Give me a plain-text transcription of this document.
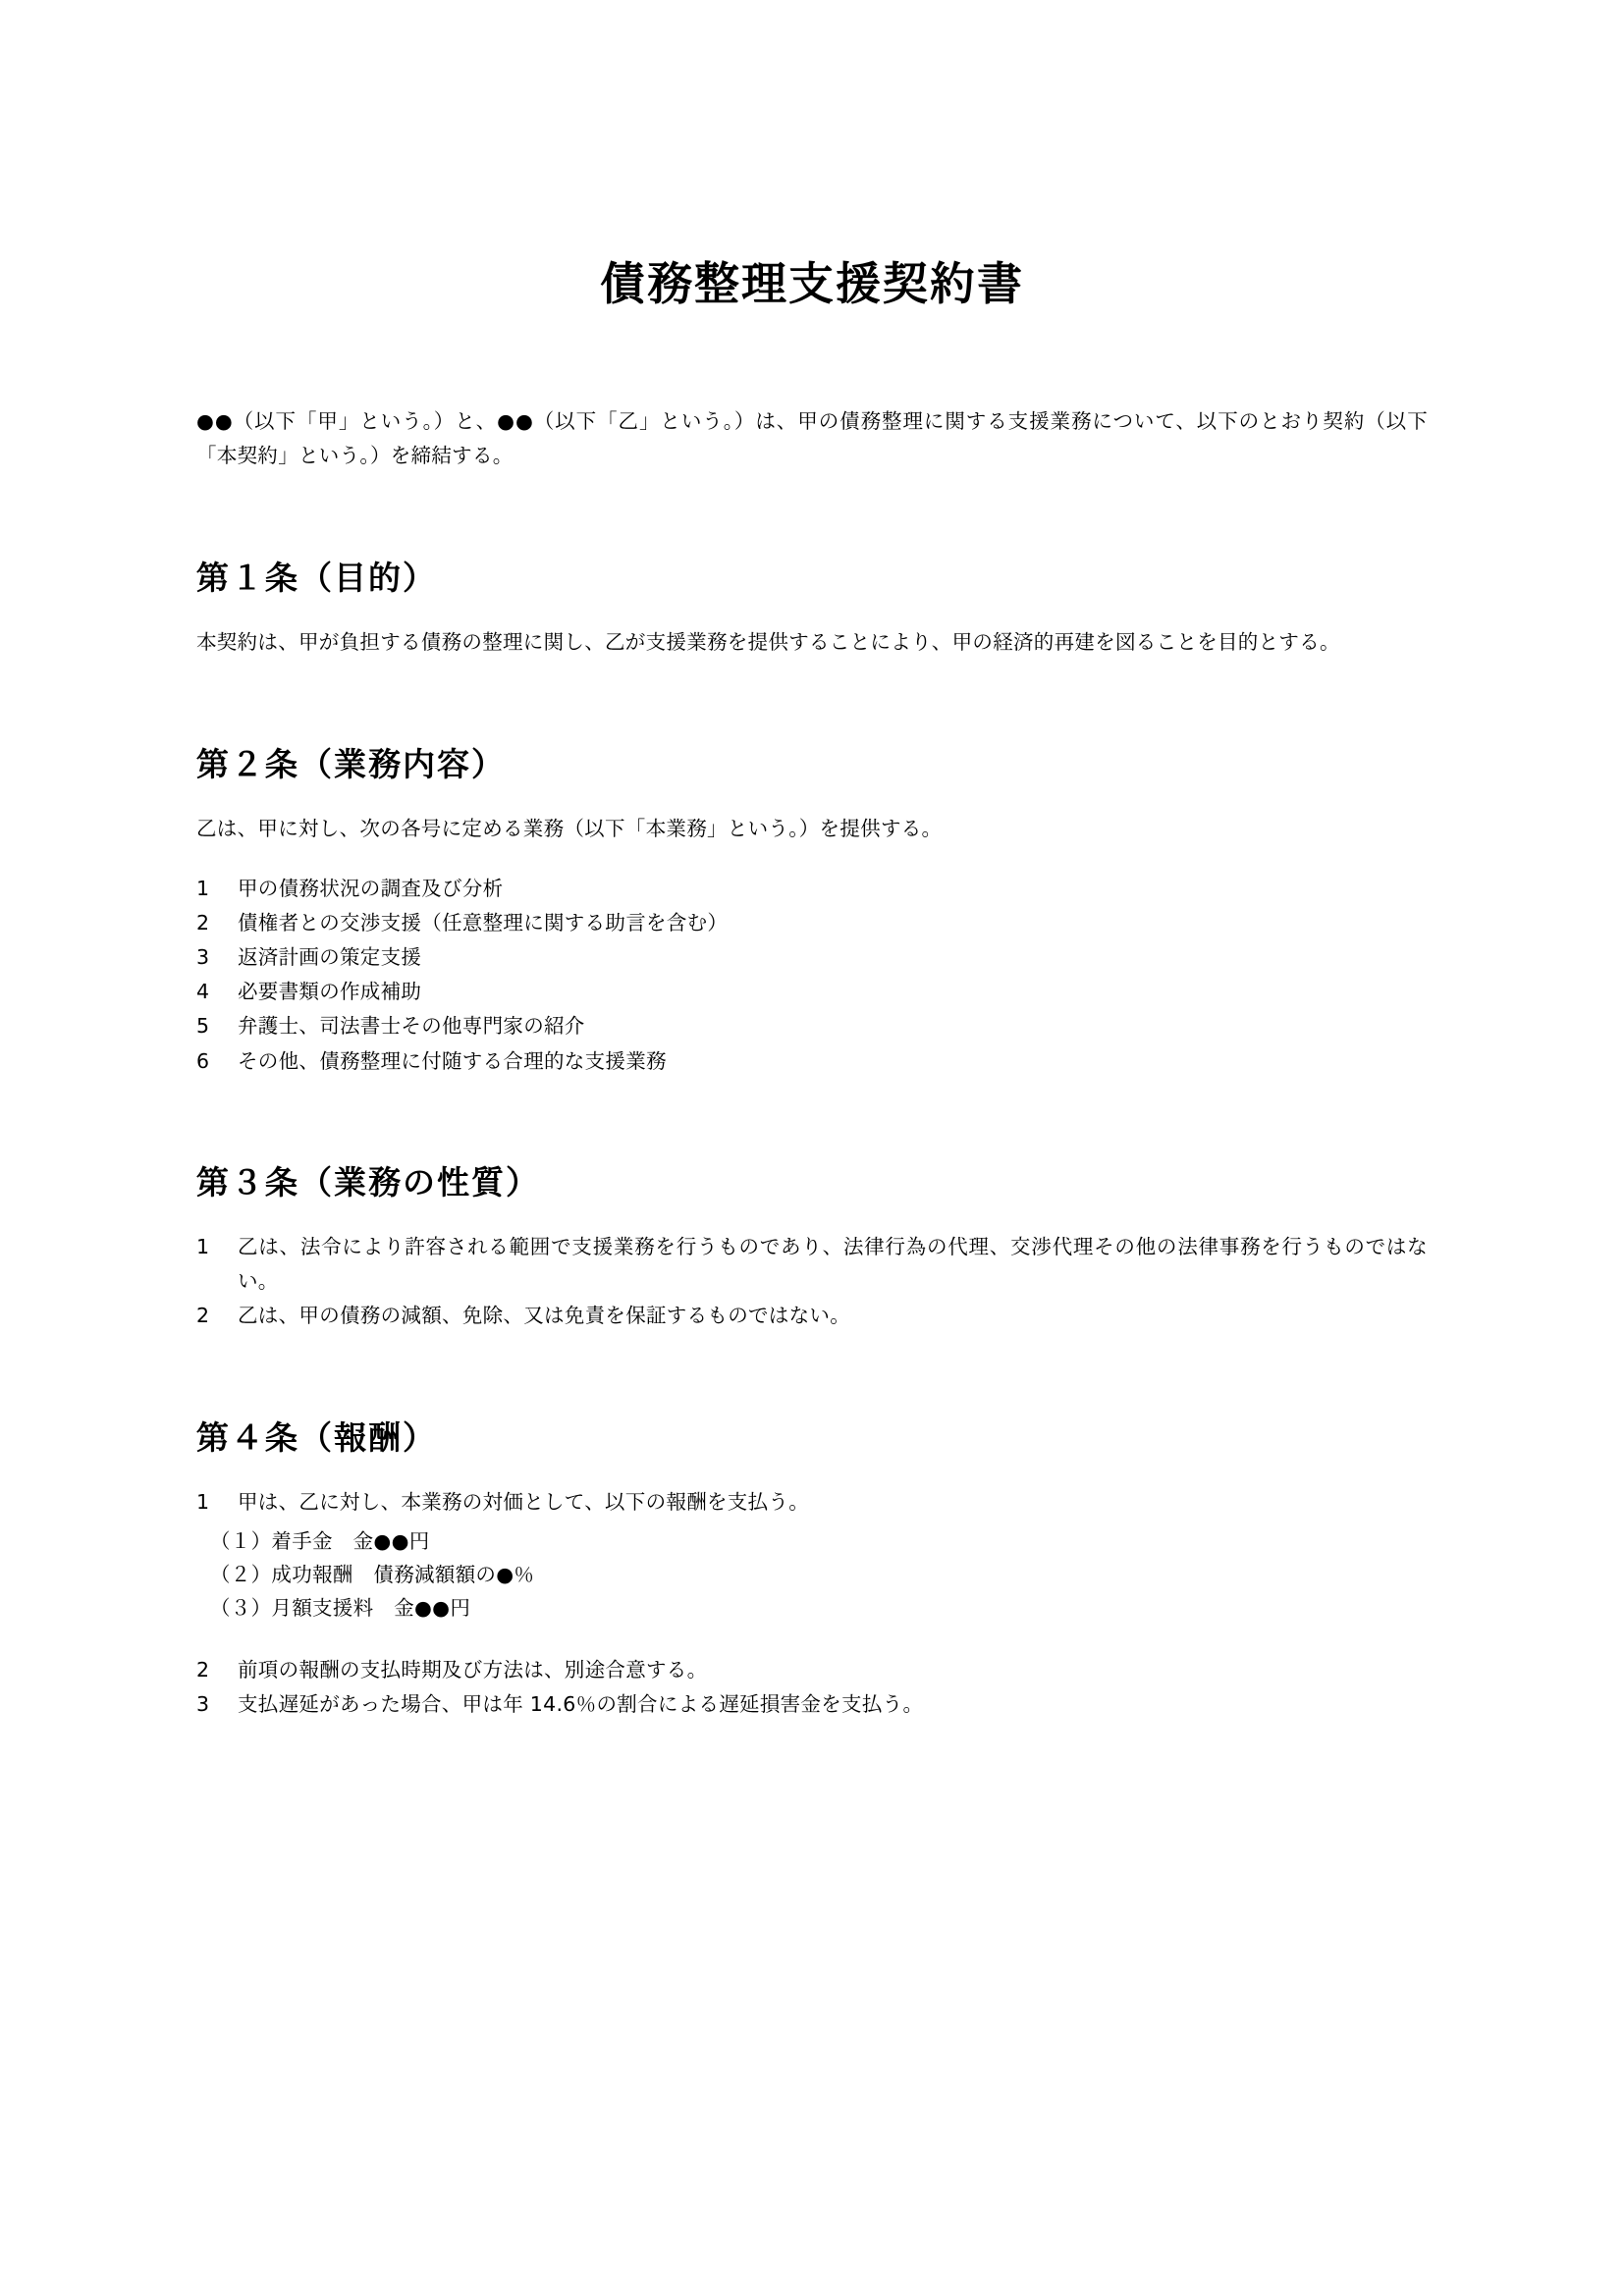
債務整理支援契約書

●●（以下「甲」という。）と、●●（以下「乙」という。）は、甲の債務整理に関する支援業務について、以下のとおり契約（以下「本契約」という。）を締結する。

第１条（目的）

本契約は、甲が負担する債務の整理に関し、乙が支援業務を提供することにより、甲の経済的再建を図ることを目的とする。

第２条（業務内容）

乙は、甲に対し、次の各号に定める業務（以下「本業務」という。）を提供する。

1	甲の債務状況の調査及び分析
2	債権者との交渉支援（任意整理に関する助言を含む）
3	返済計画の策定支援
4	必要書類の作成補助
5	弁護士、司法書士その他専門家の紹介
6	その他、債務整理に付随する合理的な支援業務
第３条（業務の性質）
1	乙は、法令により許容される範囲で支援業務を行うものであり、法律行為の代理、交渉代理その他の法律事務を行うものではない。
2	乙は、甲の債務の減額、免除、又は免責を保証するものではない。
第４条（報酬）
1	甲は、乙に対し、本業務の対価として、以下の報酬を支払う。
（１）着手金　金●●円
（２）成功報酬　債務減額額の●％
（３）月額支援料　金●●円
2	前項の報酬の支払時期及び方法は、別途合意する。
3	支払遅延があった場合、甲は年 14.6％の割合による遅延損害金を支払う。
